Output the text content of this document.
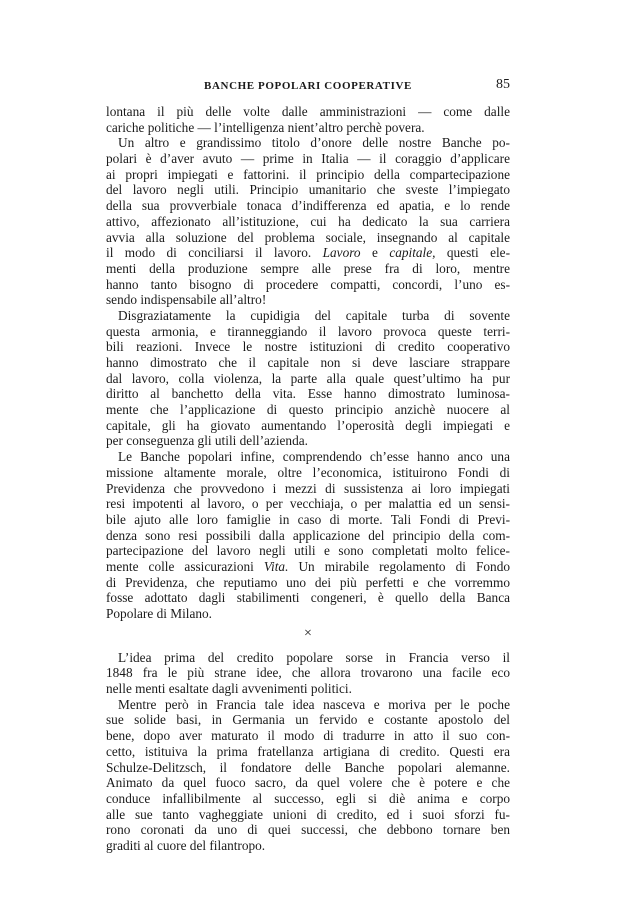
BANCHE POPOLARI COOPERATIVE	85
lontana il più delle volte dalle amministrazioni — come dalle
cariche politiche — l’intelligenza nient’altro perchè povera.
Un altro e grandissimo titolo d’onore delle nostre Banche po-
polari è d’aver avuto — prime in Italia — il coraggio d’applicare
ai propri impiegati e fattorini. il principio della compartecipazione
del lavoro negli utili. Principio umanitario che sveste l’impiegato
della sua provverbiale tonaca d’indifferenza ed apatia, e lo rende
attivo, affezionato all’istituzione, cui ha dedicato la sua carriera
avvia alla soluzione del problema sociale, insegnando al capitale
il modo di conciliarsi il lavoro. Lavoro e capitale, questi ele-
menti della produzione sempre alle prese fra di loro, mentre
hanno tanto bisogno di procedere compatti, concordi, l’uno es-
sendo indispensabile all’altro!
Disgraziatamente la cupidigia del capitale turba di sovente
questa armonia, e tiranneggiando il lavoro provoca queste terri-
bili reazioni. Invece le nostre istituzioni di credito cooperativo
hanno dimostrato che il capitale non si deve lasciare strappare
dal lavoro, colla violenza, la parte alla quale quest’ultimo ha pur
diritto al banchetto della vita. Esse hanno dimostrato luminosa-
mente che l’applicazione di questo principio anzichè nuocere al
capitale, gli ha giovato aumentando l’operosità degli impiegati e
per conseguenza gli utili dell’azienda.
Le Banche popolari infine, comprendendo ch’esse hanno anco una
missione altamente morale, oltre l’economica, istituirono Fondi di
Previdenza che provvedono i mezzi di sussistenza ai loro impiegati
resi impotenti al lavoro, o per vecchiaja, o per malattia ed un sensi-
bile ajuto alle loro famiglie in caso di morte. Tali Fondi di Previ-
denza sono resi possibili dalla applicazione del principio della com-
partecipazione del lavoro negli utili e sono completati molto felice-
mente colle assicurazioni Vita. Un mirabile regolamento di Fondo
di Previdenza, che reputiamo uno dei più perfetti e che vorremmo
fosse adottato dagli stabilimenti congeneri, è quello della Banca
Popolare di Milano.
×
L’idea prima del credito popolare sorse in Francia verso il
1848 fra le più strane idee, che allora trovarono una facile eco
nelle menti esaltate dagli avvenimenti politici.
Mentre però in Francia tale idea nasceva e moriva per le poche
sue solide basi, in Germania un fervido e costante apostolo del
bene, dopo aver maturato il modo di tradurre in atto il suo con-
cetto, istituiva la prima fratellanza artigiana di credito. Questi era
Schulze-Delitzsch, il fondatore delle Banche popolari alemanne.
Animato da quel fuoco sacro, da quel volere che è potere e che
conduce infallibilmente al successo, egli si diè anima e corpo
alle sue tanto vagheggiate unioni di credito, ed i suoi sforzi fu-
rono coronati da uno di quei successi, che debbono tornare ben
graditi al cuore del filantropo.
